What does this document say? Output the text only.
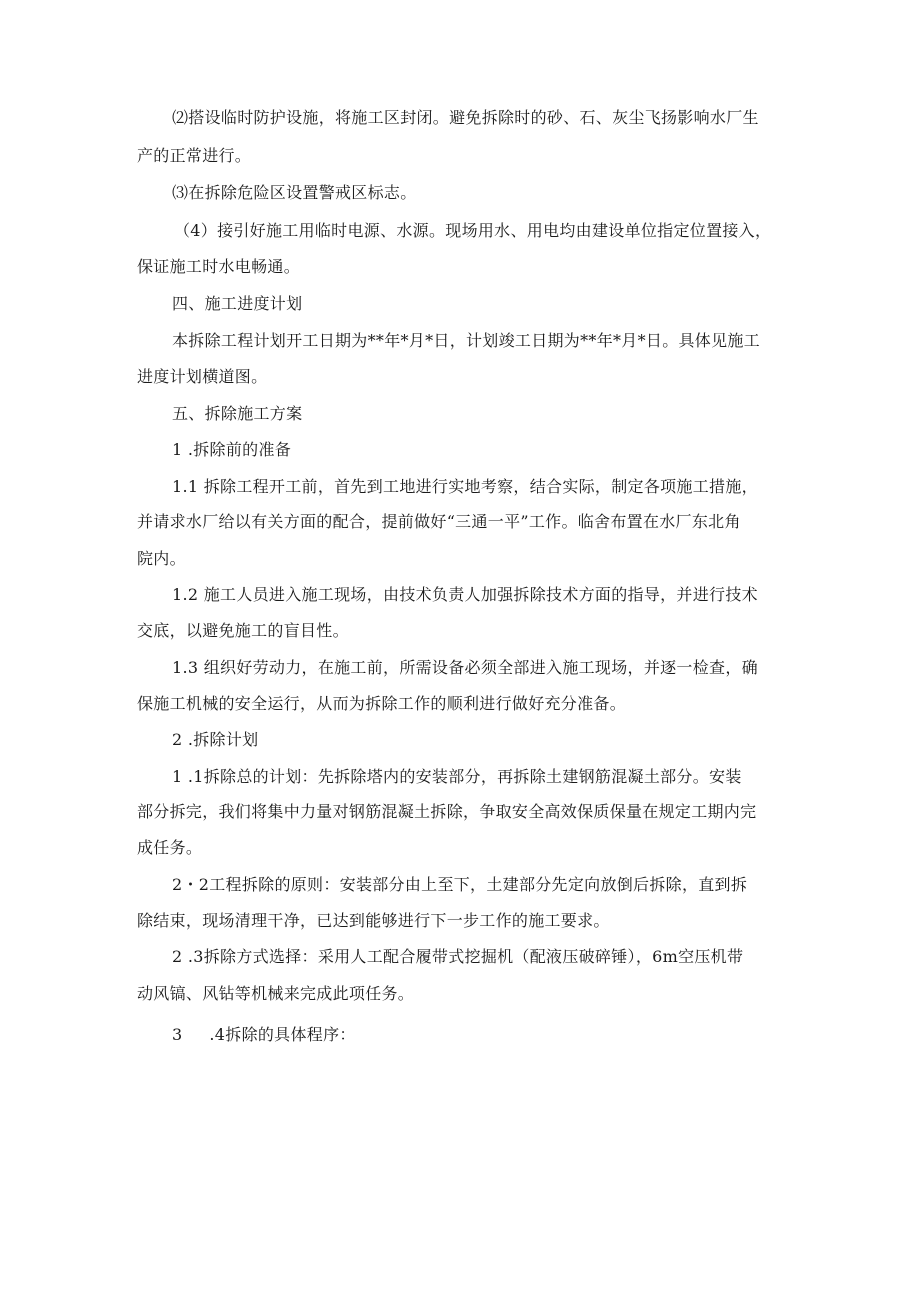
⑵搭设临时防护设施，将施工区封闭。避免拆除时的砂、石、灰尘飞扬影响水厂生
产的正常进行。
⑶在拆除危险区设置警戒区标志。
（4）接引好施工用临时电源、水源。现场用水、用电均由建设单位指定位置接入，
保证施工时水电畅通。
四、施工进度计划
本拆除工程计划开工日期为**年*月*日，计划竣工日期为**年*月*日。具体见施工
进度计划横道图。
五、拆除施工方案
1 .拆除前的准备
1.1 拆除工程开工前，首先到工地进行实地考察，结合实际，制定各项施工措施，
并请求水厂给以有关方面的配合，提前做好“三通一平”工作。临舍布置在水厂东北角
院内。
1.2 施工人员进入施工现场，由技术负责人加强拆除技术方面的指导，并进行技术
交底，以避免施工的盲目性。
1.3 组织好劳动力，在施工前，所需设备必须全部进入施工现场，并逐一检查，确
保施工机械的安全运行，从而为拆除工作的顺利进行做好充分准备。
2 .拆除计划
1 .1拆除总的计划：先拆除塔内的安装部分，再拆除土建钢筋混凝土部分。安装
部分拆完，我们将集中力量对钢筋混凝土拆除，争取安全高效保质保量在规定工期内完
成任务。
2・2工程拆除的原则：安装部分由上至下，土建部分先定向放倒后拆除，直到拆
除结束，现场清理干净，已达到能够进行下一步工作的施工要求。
2 .3拆除方式选择：采用人工配合履带式挖掘机（配液压破碎锤），6m空压机带
动风镐、风钻等机械来完成此项任务。
3     .4拆除的具体程序：
